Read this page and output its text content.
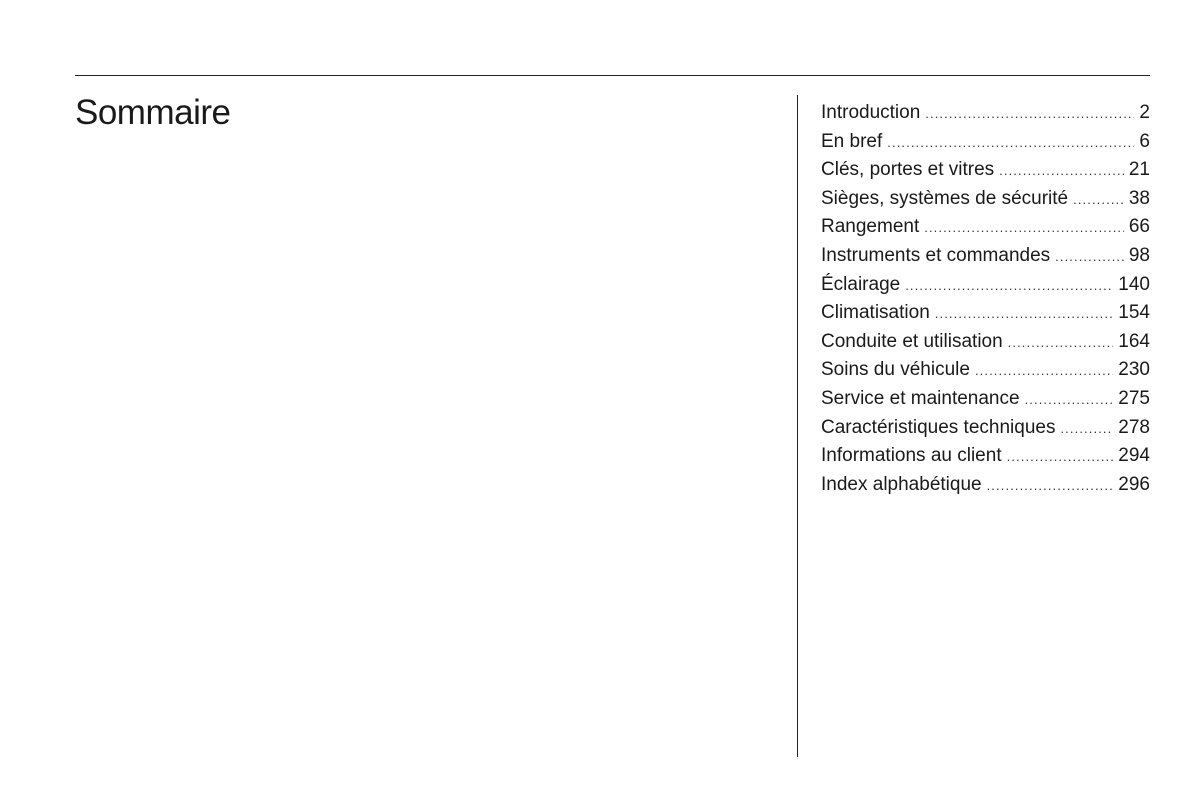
Sommaire	Introduction .....	2
En bref .....	6
Clés, portes et vitres .....	21
Sièges, systèmes de sécurité .....	38
Rangement .....	66
Instruments et commandes .....	98
Éclairage .....	140
Climatisation .....	154
Conduite et utilisation .....	164
Soins du véhicule .....	230
Service et maintenance .....	275
Caractéristiques techniques .....	278
Informations au client .....	294
Index alphabétique .....	296
